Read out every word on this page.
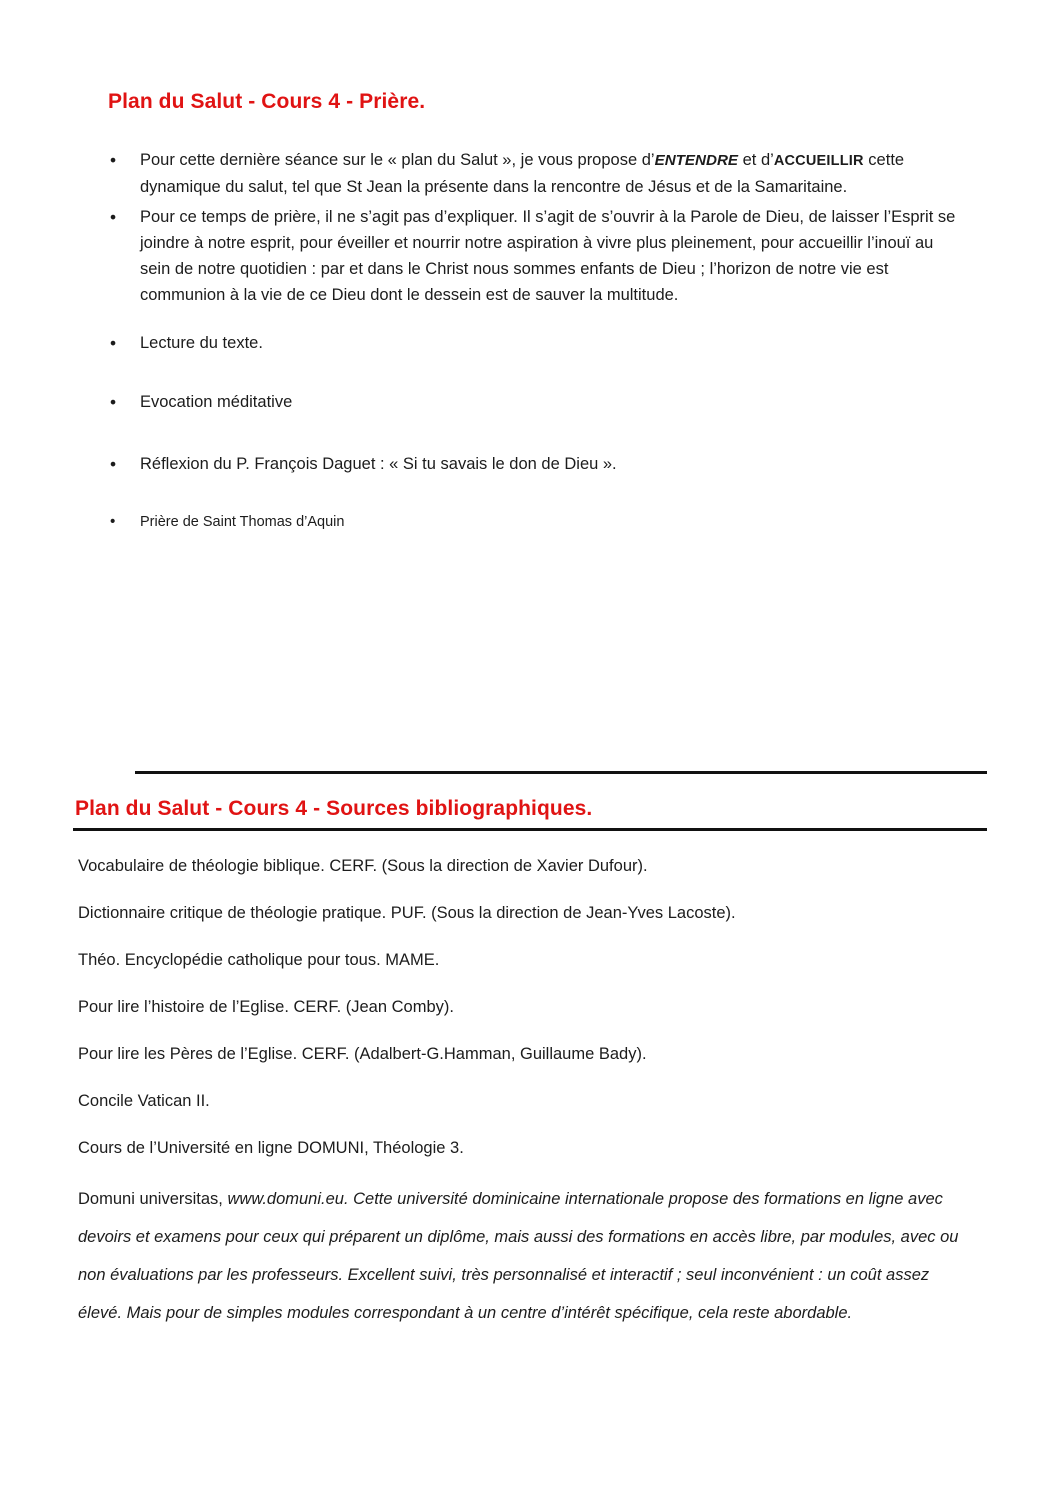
Plan du Salut - Cours 4 - Prière.
• Pour cette dernière séance sur le « plan du Salut », je vous propose d’ENTENDRE et d’ACCUEILLIR cette dynamique du salut, tel que St Jean la présente dans la rencontre de Jésus et de la Samaritaine.
• Pour ce temps de prière, il ne s’agit pas d’expliquer. Il s’agit de s’ouvrir à la Parole de Dieu, de laisser l’Esprit se joindre à notre esprit, pour éveiller et nourrir notre aspiration à vivre plus pleinement, pour accueillir l’inouï au sein de notre quotidien : par et dans le Christ nous sommes enfants de Dieu ; l’horizon de notre vie est communion à la vie de ce Dieu dont le dessein est de sauver la multitude.
• Lecture du texte.
• Evocation méditative
• Réflexion du P. François Daguet : « Si tu savais le don de Dieu ».
• Prière de Saint Thomas d’Aquin
Plan du Salut - Cours 4 - Sources bibliographiques.

Vocabulaire de théologie biblique. CERF. (Sous la direction de Xavier Dufour).

Dictionnaire critique de théologie pratique. PUF. (Sous la direction de Jean-Yves Lacoste).

Théo. Encyclopédie catholique pour tous. MAME.

Pour lire l’histoire de l’Eglise. CERF. (Jean Comby).

Pour lire les Pères de l’Eglise. CERF. (Adalbert-G.Hamman, Guillaume Bady).

Concile Vatican II.

Cours de l’Université en ligne DOMUNI, Théologie 3.

Domuni universitas, www.domuni.eu. Cette université dominicaine internationale propose des formations en ligne avec devoirs et examens pour ceux qui préparent un diplôme, mais aussi des formations en accès libre, par modules, avec ou non évaluations par les professeurs. Excellent suivi, très personnalisé et interactif ; seul inconvénient : un coût assez élevé. Mais pour de simples modules correspondant à un centre d’intérêt spécifique, cela reste abordable.
